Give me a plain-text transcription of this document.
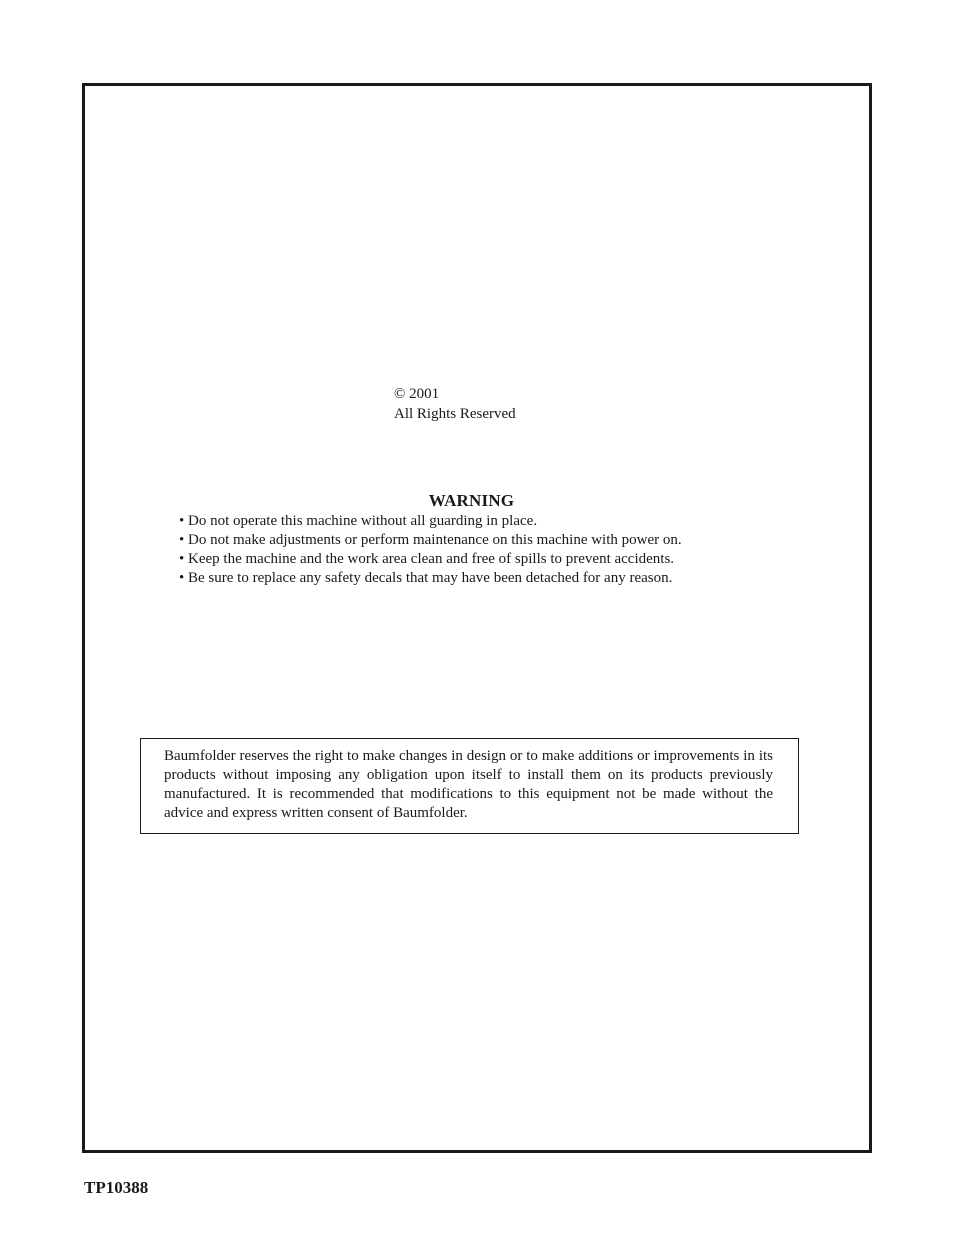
© 2001
All Rights Reserved
WARNING
• Do not operate this machine without all guarding in place.
• Do not make adjustments or perform maintenance on this machine with power on.
• Keep the machine and the work area clean and free of spills to prevent accidents.
• Be sure to replace any safety decals that may have been detached for any reason.

Baumfolder reserves the right to make changes in design or to make additions or improvements in its products without imposing any obligation upon itself to install them on its products previously manufactured. It is recommended that modifications to this equipment not be made without the advice and express written consent of Baumfolder.

TP10388
